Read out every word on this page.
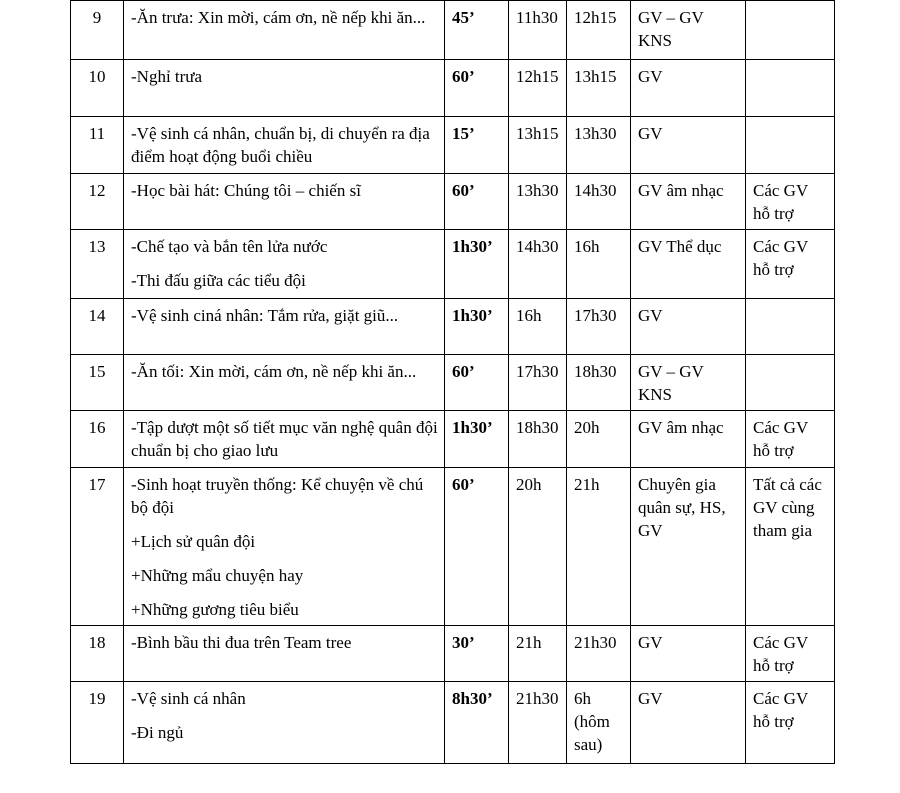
9	-Ăn trưa: Xin mời, cám ơn, nề nếp khi ăn...	45’	11h30	12h15	GV – GV KNS	
10	-Nghỉ trưa	60’	12h15	13h15	GV	
11	-Vệ sinh cá nhân, chuẩn bị, di chuyển ra địa điểm hoạt động buổi chiều	15’	13h15	13h30	GV	
12	-Học bài hát: Chúng tôi – chiến sĩ	60’	13h30	14h30	GV âm nhạc	Các GV hỗ trợ
13	-Chế tạo và bắn tên lửa nước
-Thi đấu giữa các tiểu đội	1h30’	14h30	16h	GV Thể dục	Các GV hỗ trợ
14	-Vệ sinh ciná nhân: Tắm rửa, giặt giũ...	1h30’	16h	17h30	GV	
15	-Ăn tối: Xin mời, cám ơn, nề nếp khi ăn...	60’	17h30	18h30	GV – GV KNS	
16	-Tập dượt một số tiết mục văn nghệ quân đội chuẩn bị cho giao lưu	1h30’	18h30	20h	GV âm nhạc	Các GV hỗ trợ
17	-Sinh hoạt truyền thống: Kể chuyện về chú bộ đội
+Lịch sử quân đội
+Những mẩu chuyện hay
+Những gương tiêu biểu	60’	20h	21h	Chuyên gia quân sự, HS, GV	Tất cả các GV cùng tham gia
18	-Bình bầu thi đua trên Team tree	30’	21h	21h30	GV	Các GV hỗ trợ
19	-Vệ sinh cá nhân
-Đi ngủ	8h30’	21h30	6h (hôm sau)	GV	Các GV hỗ trợ
